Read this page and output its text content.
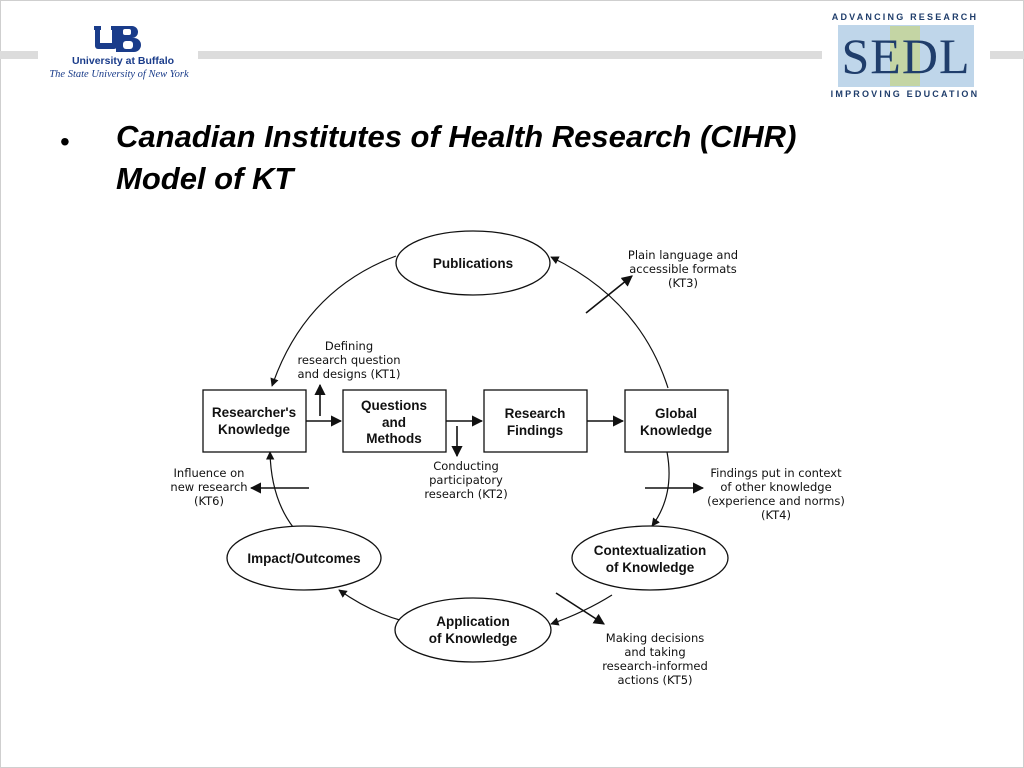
University at Buffalo
The State University of New York
ADVANCING RESEARCH
SEDL
IMPROVING EDUCATION
• Canadian Institutes of Health Research (CIHR)
Model of KT
Publications
Researcher's
Knowledge
Questions
and
Methods
Research
Findings
Global
Knowledge
Contextualization
of Knowledge
Application
of Knowledge
Impact/Outcomes
Defining
research question
and designs (KT1)
Conducting
participatory
research (KT2)
Plain language and
accessible formats
(KT3)
Findings put in context
of other knowledge
(experience and norms)
(KT4)
Making decisions
and taking
research-informed
actions (KT5)
Influence on
new research
(KT6)
